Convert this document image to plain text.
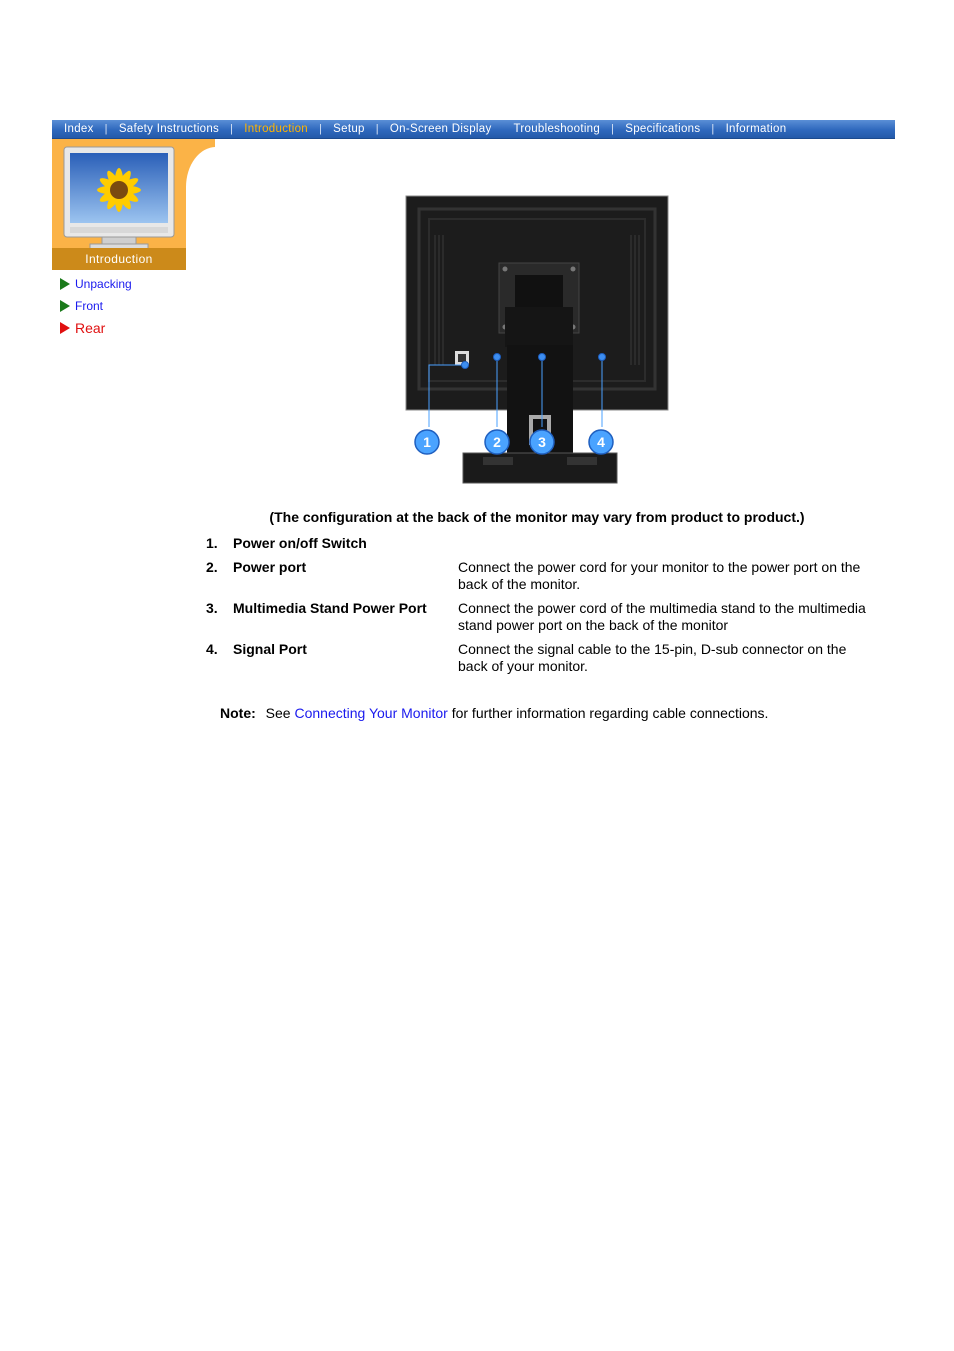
Index	| Safety Instructions	| Introduction	| Setup	| On-Screen Display Troubleshooting	| Specifications	| Information
Introduction
Unpacking
Front
Rear
1	2	3	4
(The configuration at the back of the monitor may vary from product to product.)
1.	Power on/off Switch	
2.	Power port	Connect the power cord for your monitor to the power port on the back of the monitor.
3.	Multimedia Stand Power Port	Connect the power cord of the multimedia stand to the multimedia stand power port on the back of the monitor
4.	Signal Port	Connect the signal cable to the 15-pin, D-sub connector on the back of your monitor.
Note: See Connecting Your Monitor for further information regarding cable connections.
